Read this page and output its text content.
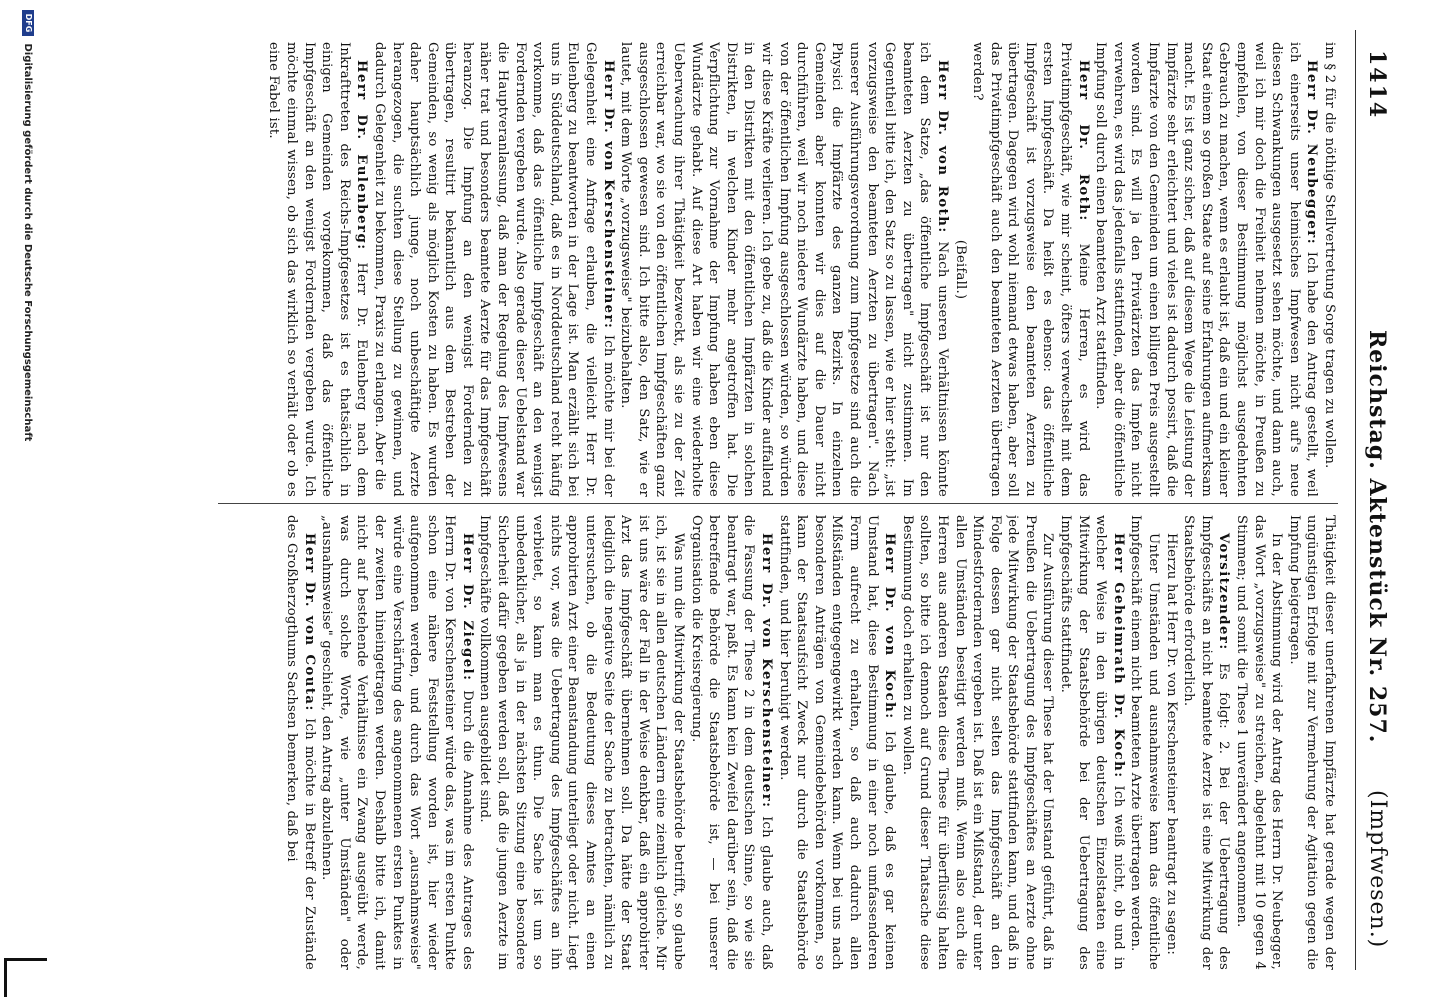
1414
Reichstag. Aktenstück Nr. 257.
(Impfwesen.)

im § 2 für die nöthige Stellvertretung Sorge tragen zu wollen.

Herr Dr. Neubegger: Ich habe den Antrag gestellt, weil ich einerseits unser heimisches Impfwesen nicht auf's neue diesen Schwankungen ausgesetzt sehen möchte, und dann auch, weil ich mir doch die Freiheit nehmen möchte, in Preußen zu empfehlen, von dieser Bestimmung möglichst ausgedehnten Gebrauch zu machen, wenn es erlaubt ist, daß ein und ein kleiner Staat einem so großen Staate auf seine Erfahrungen aufmerksam macht. Es ist ganz sicher, daß auf diesem Wege die Leistung der Impfärzte sehr erleichtert und vieles ist dadurch possirt, daß die Impfarzte von den Gemeinden um einen billigen Preis ausgestellt worden sind. Es will ja den Privatärzten das Impfen nicht verwehren, es wird das jedenfalls stattfinden, aber die öffentliche Impfung soll durch einen beamteten Arzt stattfinden.

Herr Dr. Roth: Meine Herren, es wird das Privatimpfgeschäft, wie mir scheint, öfters verwechselt mit dem ersten Impfgeschäft. Da heißt es ebenso: das öffentliche Impfgeschäft ist vorzugsweise den beamteten Aerzten zu übertragen. Dagegen wird wohl niemand etwas haben, aber soll das Privatimpfgeschäft auch den beamteten Aerzten übertragen werden?

(Beifall.)

Herr Dr. von Roth: Nach unseren Verhältnissen könnte ich dem Satze, „das öffentliche Impfgeschäft ist nur den beamteten Aerzten zu übertragen" nicht zustimmen. Im Gegentheil bitte ich, den Satz so zu lassen, wie er hier steht: „ist vorzugsweise den beamteten Aerzten zu übertragen". Nach unserer Ausführungsverordnung zum Impfgesetze sind auch die Physici die Impfärzte des ganzen Bezirks. In einzelnen Gemeinden aber konnten wir dies auf die Dauer nicht durchführen, weil wir noch niedere Wundärzte haben, und diese von der öffentlichen Impfung ausgeschlossen würden, so würden wir diese Kräfte verlieren. Ich gebe zu, daß die Kinder auffallend in den Distrikten mit den öffentlichen Impfärzten in solchen Distrikten, in welchen Kinder mehr angetroffen hat. Die Verpflichtung zur Vornahme der Impfung haben eben diese Wundärzte gehabt. Auf diese Art haben wir eine wiederholte Ueberwachung ihrer Thätigkeit bezweckt, als sie zu der Zeit erreichbar war, wo sie von den öffentlichen Impfgeschäften ganz ausgeschlossen gewesen sind. Ich bitte also, den Satz, wie er lautet, mit dem Worte „vorzugsweise" beizubehalten.

Herr Dr. von Kerschensteiner: Ich möchte mir bei der Gelegenheit eine Anfrage erlauben, die vielleicht Herr Dr. Eulenberg zu beantworten in der Lage ist. Man erzählt sich bei uns in Süddeutschland, daß es in Norddeutschland recht häufig vorkomme, daß das öffentliche Impfgeschäft an den wenigst Fordernden vergeben wurde. Also gerade dieser Uebelstand war die Hauptveranlassung, daß man der Regelung des Impfwesens näher trat und besonders beamtete Aerzte für das Impfgeschäft heranzog. Die Impfung an den wenigst Fordernden zu übertragen, resultirt bekanntlich aus dem Bestreben der Gemeinden, so wenig als möglich Kosten zu haben. Es wurden daher hauptsächlich junge, noch unbeschäftigte Aerzte herangezogen, die suchten diese Stellung zu gewinnen, und dadurch Gelegenheit zu bekommen, Praxis zu erlangen. Aber die

Herr Dr. Eulenberg: Herr Dr. Eulenberg nach dem Inkrafttreten des Reichs-Impfgesetzes ist es thatsächlich in einigen Gemeinden vorgekommen, daß das öffentliche Impfgeschäft an den wenigst Fordernden vergeben wurde. Ich möchte einmal wissen, ob sich das wirklich so verhält oder ob es eine Fabel ist.

Thätigkeit dieser unerfahrenen Impfärzte hat gerade wegen der ungünstigen Erfolge mit zur Vermehrung der Agitation gegen die Impfung beigetragen.

In der Abstimmung wird der Antrag des Herrn Dr. Neubegger, das Wort „vorzugsweise" zu streichen, abgelehnt mit 10 gegen 4 Stimmen; und somit die These 1 unverändert angenommen.

Vorsitzender: Es folgt: 2. Bei der Uebertragung des Impfgeschäfts an nicht beamtete Aerzte ist eine Mitwirkung der Staatsbehörde erforderlich.

Hierzu hat Herr Dr. von Kerschensteiner beantragt zu sagen:

Unter Umständen und ausnahmsweise kann das öffentliche Impfgeschäft einem nicht beamteten Arzte übertragen werden.

Herr Geheimrath Dr. Koch: Ich weiß nicht, ob und in welcher Weise in den übrigen deutschen Einzelstaaten eine Mitwirkung der Staatsbehörde bei der Uebertragung des Impfgeschäfts stattfindet.

Zur Ausführung dieser These hat der Umstand geführt, daß in Preußen die Uebertragung des Impfgeschäftes an Aerzte ohne jede Mitwirkung der Staatsbehörde stattfinden kann, und daß in Folge dessen gar nicht selten das Impfgeschäft an den Mindestfordernden vergeben ist. Daß ist ein Mißstand, der unter allen Umständen beseitigt werden muß. Wenn also auch die Herren aus anderen Staaten diese These für überflüssig halten sollten, so bitte ich dennoch auf Grund dieser Thatsache diese Bestimmung doch erhalten zu wollen.

Herr Dr. von Koch: Ich glaube, daß es gar keinen Umstand hat, diese Bestimmung in einer noch umfassenderen Form aufrecht zu erhalten, so daß auch dadurch allen Mißständen entgegengewirkt werden kann. Wenn bei uns nach besonderen Anträgen von Gemeindebehörden vorkommen, so kann der Staatsaufsicht Zweck nur durch die Staatsbehörde stattfinden, und hier beruhigt werden.

Herr Dr. von Kerschensteiner: Ich glaube auch, daß die Fassung der These 2 in dem deutschen Sinne, so wie sie beantragt war, paßt. Es kann kein Zweifel darüber sein, daß die betreffende Behörde die Staatsbehörde ist, — bei unserer Organisation die Kreisregierung.

Was nun die Mitwirkung der Staatsbehörde betrifft, so glaube ich, ist sie in allen deutschen Ländern eine ziemlich gleiche. Mir ist uns wäre der Fall in der Weise denkbar, daß ein approbirter Arzt das Impfgeschäft übernehmen soll. Da hätte der Staat lediglich die negative Seite der Sache zu betrachten, nämlich zu untersuchen, ob die Bedeutung dieses Amtes an einen approbirten Arzt einer Beanstandung unterliegt oder nicht. Liegt nichts vor, was die Uebertragung des Impfgeschäftes an ihn verbietet, so kann man es thun. Die Sache ist um so unbedenklicher, als ja in der nächsten Sitzung eine besondere Sicherheit dafür gegeben werden soll, daß die jungen Aerzte im Impfgeschäfte vollkommen ausgebildet sind.

Herr Dr. Ziegel: Durch die Annahme des Antrages des Herrn Dr. von Kerschensteiner würde das, was im ersten Punkte schon eine nähere Feststellung worden ist, hier wieder aufgenommen werden, und durch das Wort „ausnahmsweise" würde eine Verschärfung des angenommenen ersten Punktes in der zweiten hineingetragen werden. Deshalb bitte ich, damit nicht auf bestehende Verhältnisse ein Zwang ausgeübt werde, was durch solche Worte, wie „unter Umständen" oder „ausnahmsweise" geschieht, den Antrag abzulehnen.

Herr Dr. von Couta: Ich möchte in Betreff der Zustände des Großherzogthums Sachsen bemerken, daß bei

DFG Digitalisierung gefördert durch die Deutsche Forschungsgemeinschaft
